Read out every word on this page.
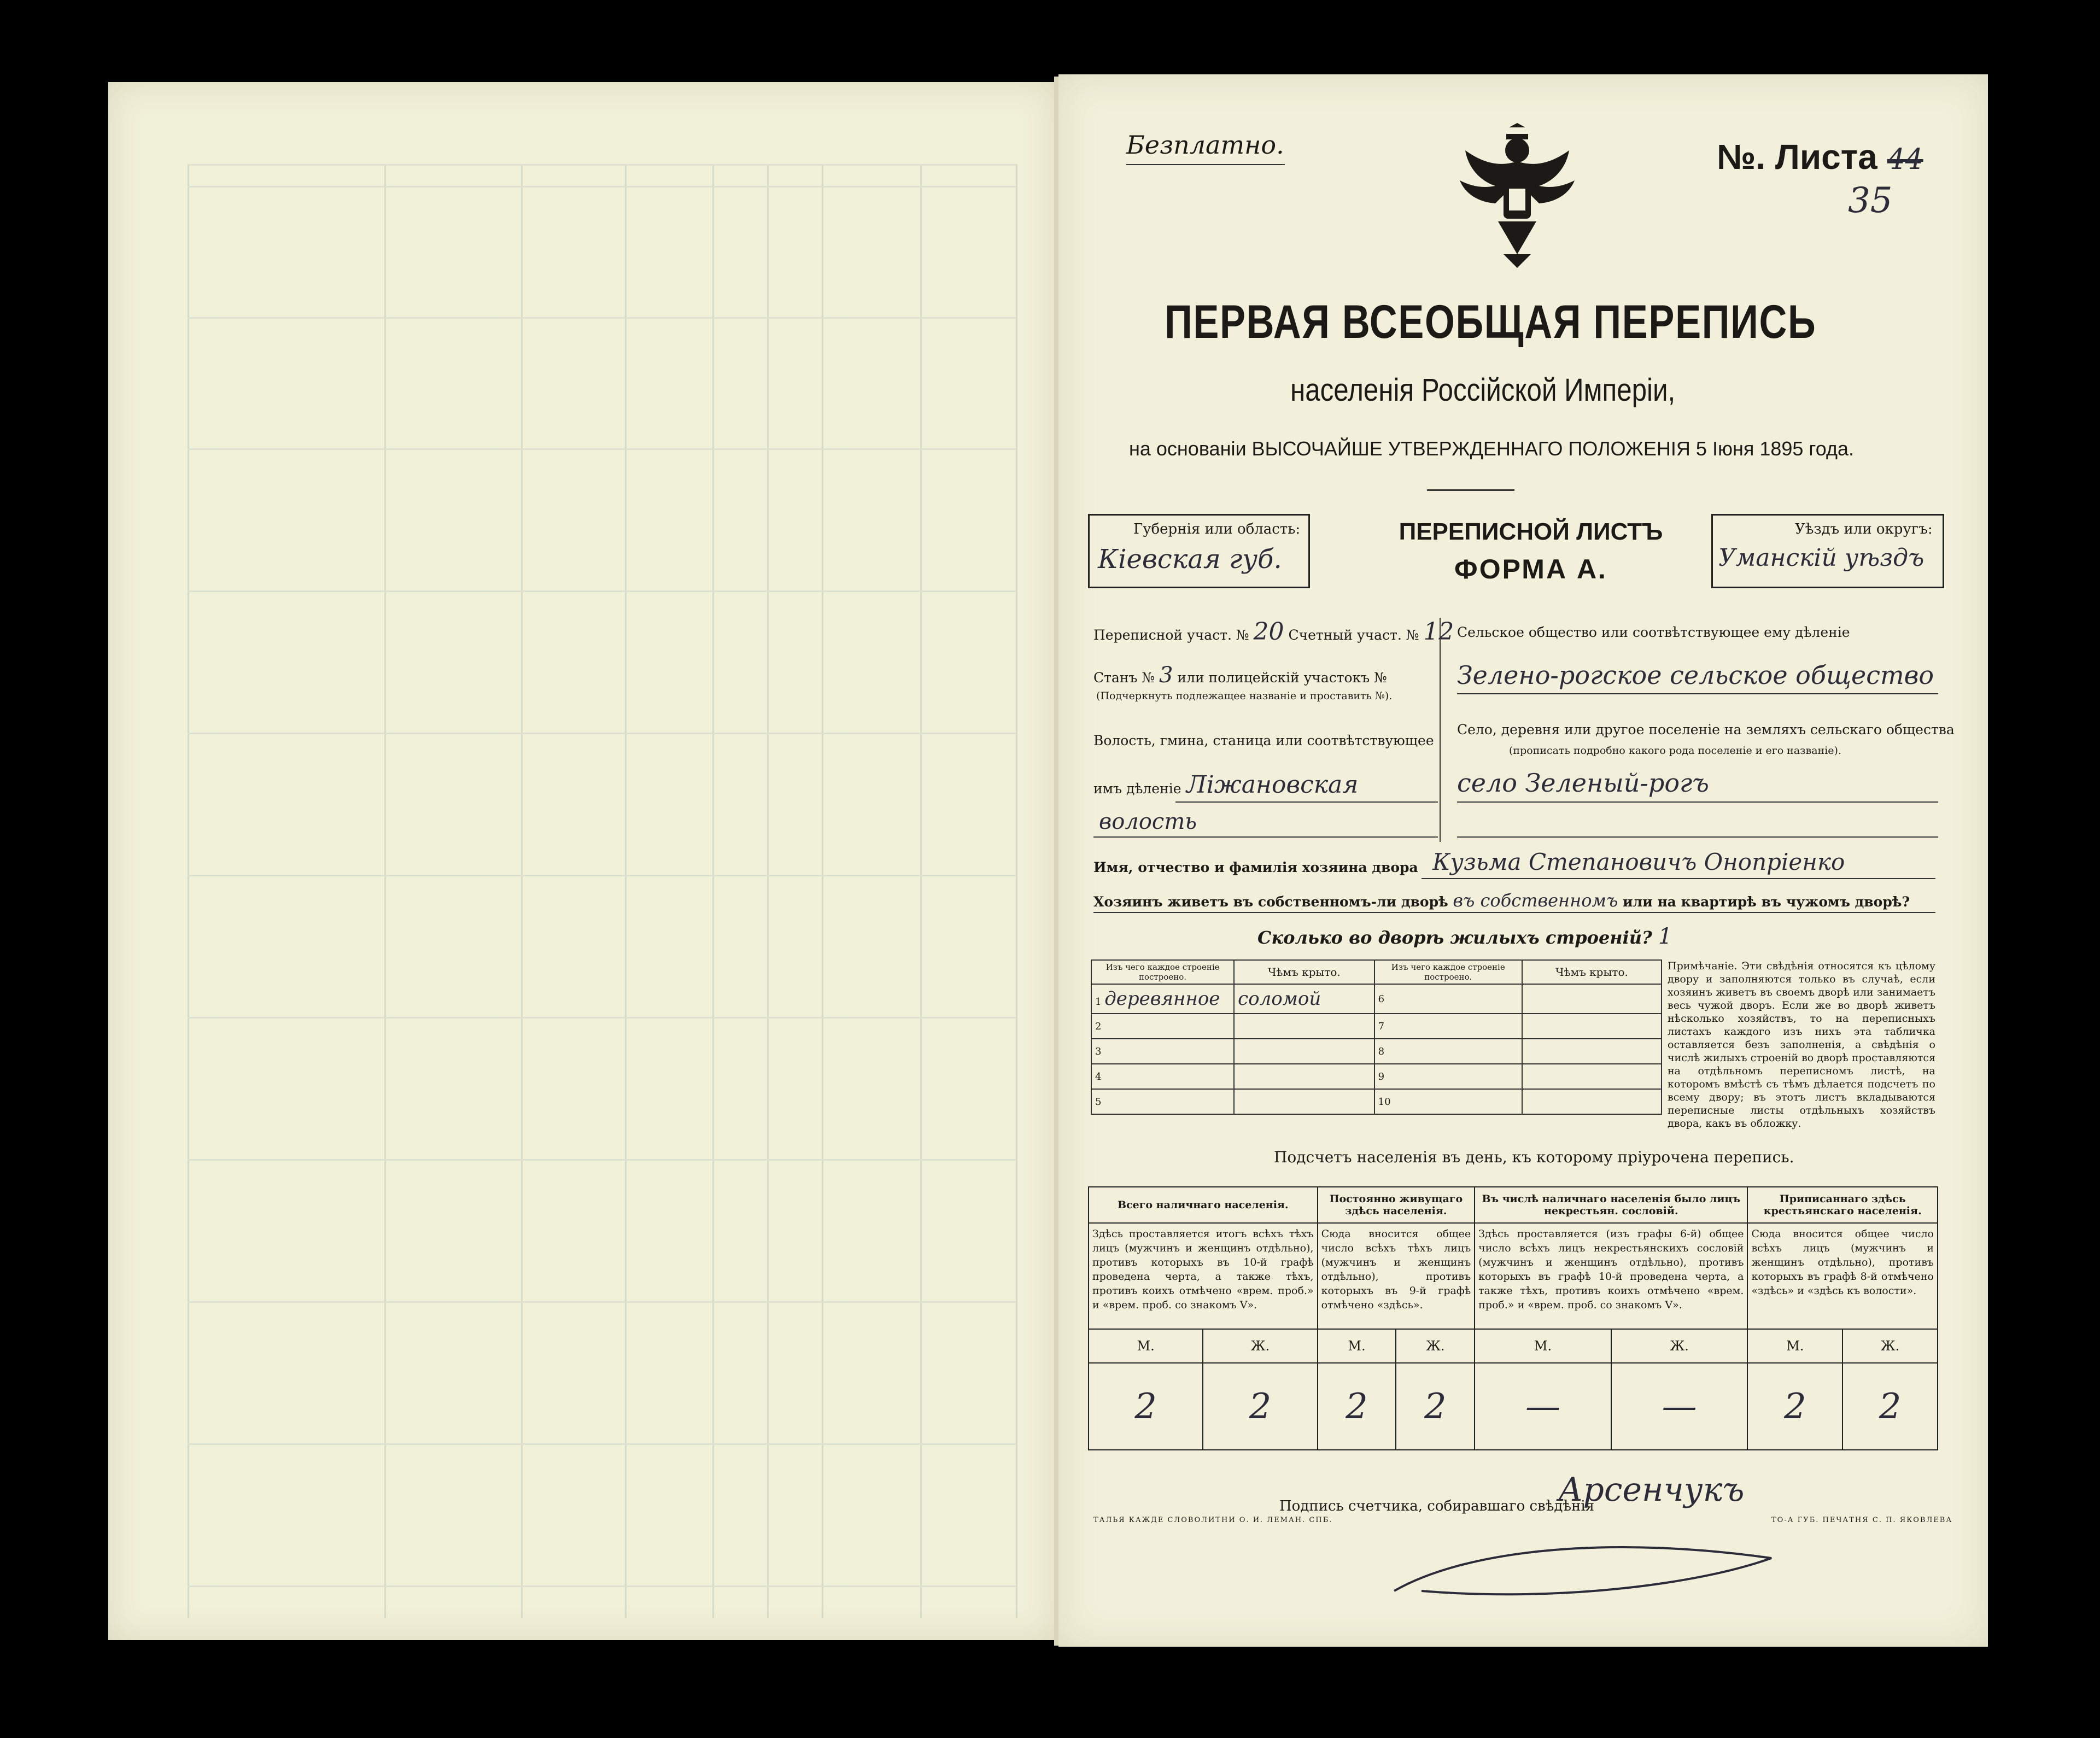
Безплатно.	№. Листа 44
35
ПЕРВАЯ ВСЕОБЩАЯ ПЕРЕПИСЬ
населенія Россійской Имперіи,
на основаніи ВЫСОЧАЙШЕ УТВЕРЖДЕННАГО ПОЛОЖЕНІЯ 5 Іюня 1895 года.
Губернія или область:
Кіевская губ.
ПЕРЕПИСНОЙ ЛИСТЪ
ФОРМА А.
Уѣздъ или округъ:
Уманскій уѣздъ
Переписной участ. № 20 Счетный участ. № 12
Станъ № 3 или полицейскій участокъ №
(Подчеркнуть подлежащее названіе и проставить №).
Волость, гмина, станица или соотвѣтствующее
имъ дѣленіе Ліжановская
волость
Сельское общество или соотвѣтствующее ему дѣленіе
Зелено-рогское сельское общество
Село, деревня или другое поселеніе на земляхъ сельскаго общества
(прописать подробно какого рода поселеніе и его названіе).
село Зеленый-рогъ
Имя, отчество и фамилія хозяина двора Кузьма Степановичъ Онопріенко
Хозяинъ живетъ въ собственномъ-ли дворѣ въ собственномъ или на квартирѣ въ чужомъ дворѣ?
Сколько во дворѣ жилыхъ строеній? 1
Изъ чего каждое строеніе построено.	Чѣмъ крыто.	Изъ чего каждое строеніе построено.	Чѣмъ крыто.
1 деревянное	соломой	6	
2		7	
3		8	
4		9	
5		10	
Примѣчаніе. Эти свѣдѣнія относятся къ цѣлому двору и заполняются только въ случаѣ, если хозяинъ живетъ въ своемъ дворѣ или занимаетъ весь чужой дворъ. Если же во дворѣ живетъ нѣсколько хозяйствъ, то на переписныхъ листахъ каждого изъ нихъ эта табличка оставляется безъ заполненія, а свѣдѣнія о числѣ жилыхъ строеній во дворѣ проставляются на отдѣльномъ переписномъ листѣ, на которомъ вмѣстѣ съ тѣмъ дѣлается подсчетъ по всему двору; въ этотъ листъ вкладываются переписные листы отдѣльныхъ хозяйствъ двора, какъ въ обложку.
Подсчетъ населенія въ день, къ которому пріурочена перепись.
Всего наличнаго населенія.		Постоянно живущаго здѣсь населенія.		Въ числѣ наличнаго населенія было лицъ некрестьян. сословій.		Приписаннаго здѣсь крестьянскаго населенія.	
Здѣсь проставляется итогъ всѣхъ тѣхъ лицъ (мужчинъ и женщинъ отдѣльно), противъ которыхъ въ 10-й графѣ проведена черта, а также тѣхъ, противъ коихъ отмѣчено «врем. проб.» и «врем. проб. со знакомъ V».		Сюда вносится общее число всѣхъ тѣхъ лицъ (мужчинъ и женщинъ отдѣльно), противъ которыхъ въ 9-й графѣ отмѣчено «здѣсь».		Здѣсь проставляется (изъ графы 6-й) общее число всѣхъ лицъ некрестьянскихъ сословій (мужчинъ и женщинъ отдѣльно), противъ которыхъ въ графѣ 10-й проведена черта, а также тѣхъ, противъ коихъ отмѣчено «врем. проб.» и «врем. проб. со знакомъ V».		Сюда вносится общее число всѣхъ лицъ (мужчинъ и женщинъ отдѣльно), противъ которыхъ въ графѣ 8-й отмѣчено «здѣсь» и «здѣсь къ волости».	
М.	Ж.	М.	Ж.	М.	Ж.	М.	Ж.
2	2	2	2	—	—	2	2
Подпись счетчика, собиравшаго свѣдѣнія
Арсенчукъ
ТАЛЬЯ КАЖДЕ СЛОВОЛИТНИ О. И. ЛЕМАН. СПБ.	ТО-А ГУБ. ПЕЧАТНЯ С. П. ЯКОВЛЕВА
